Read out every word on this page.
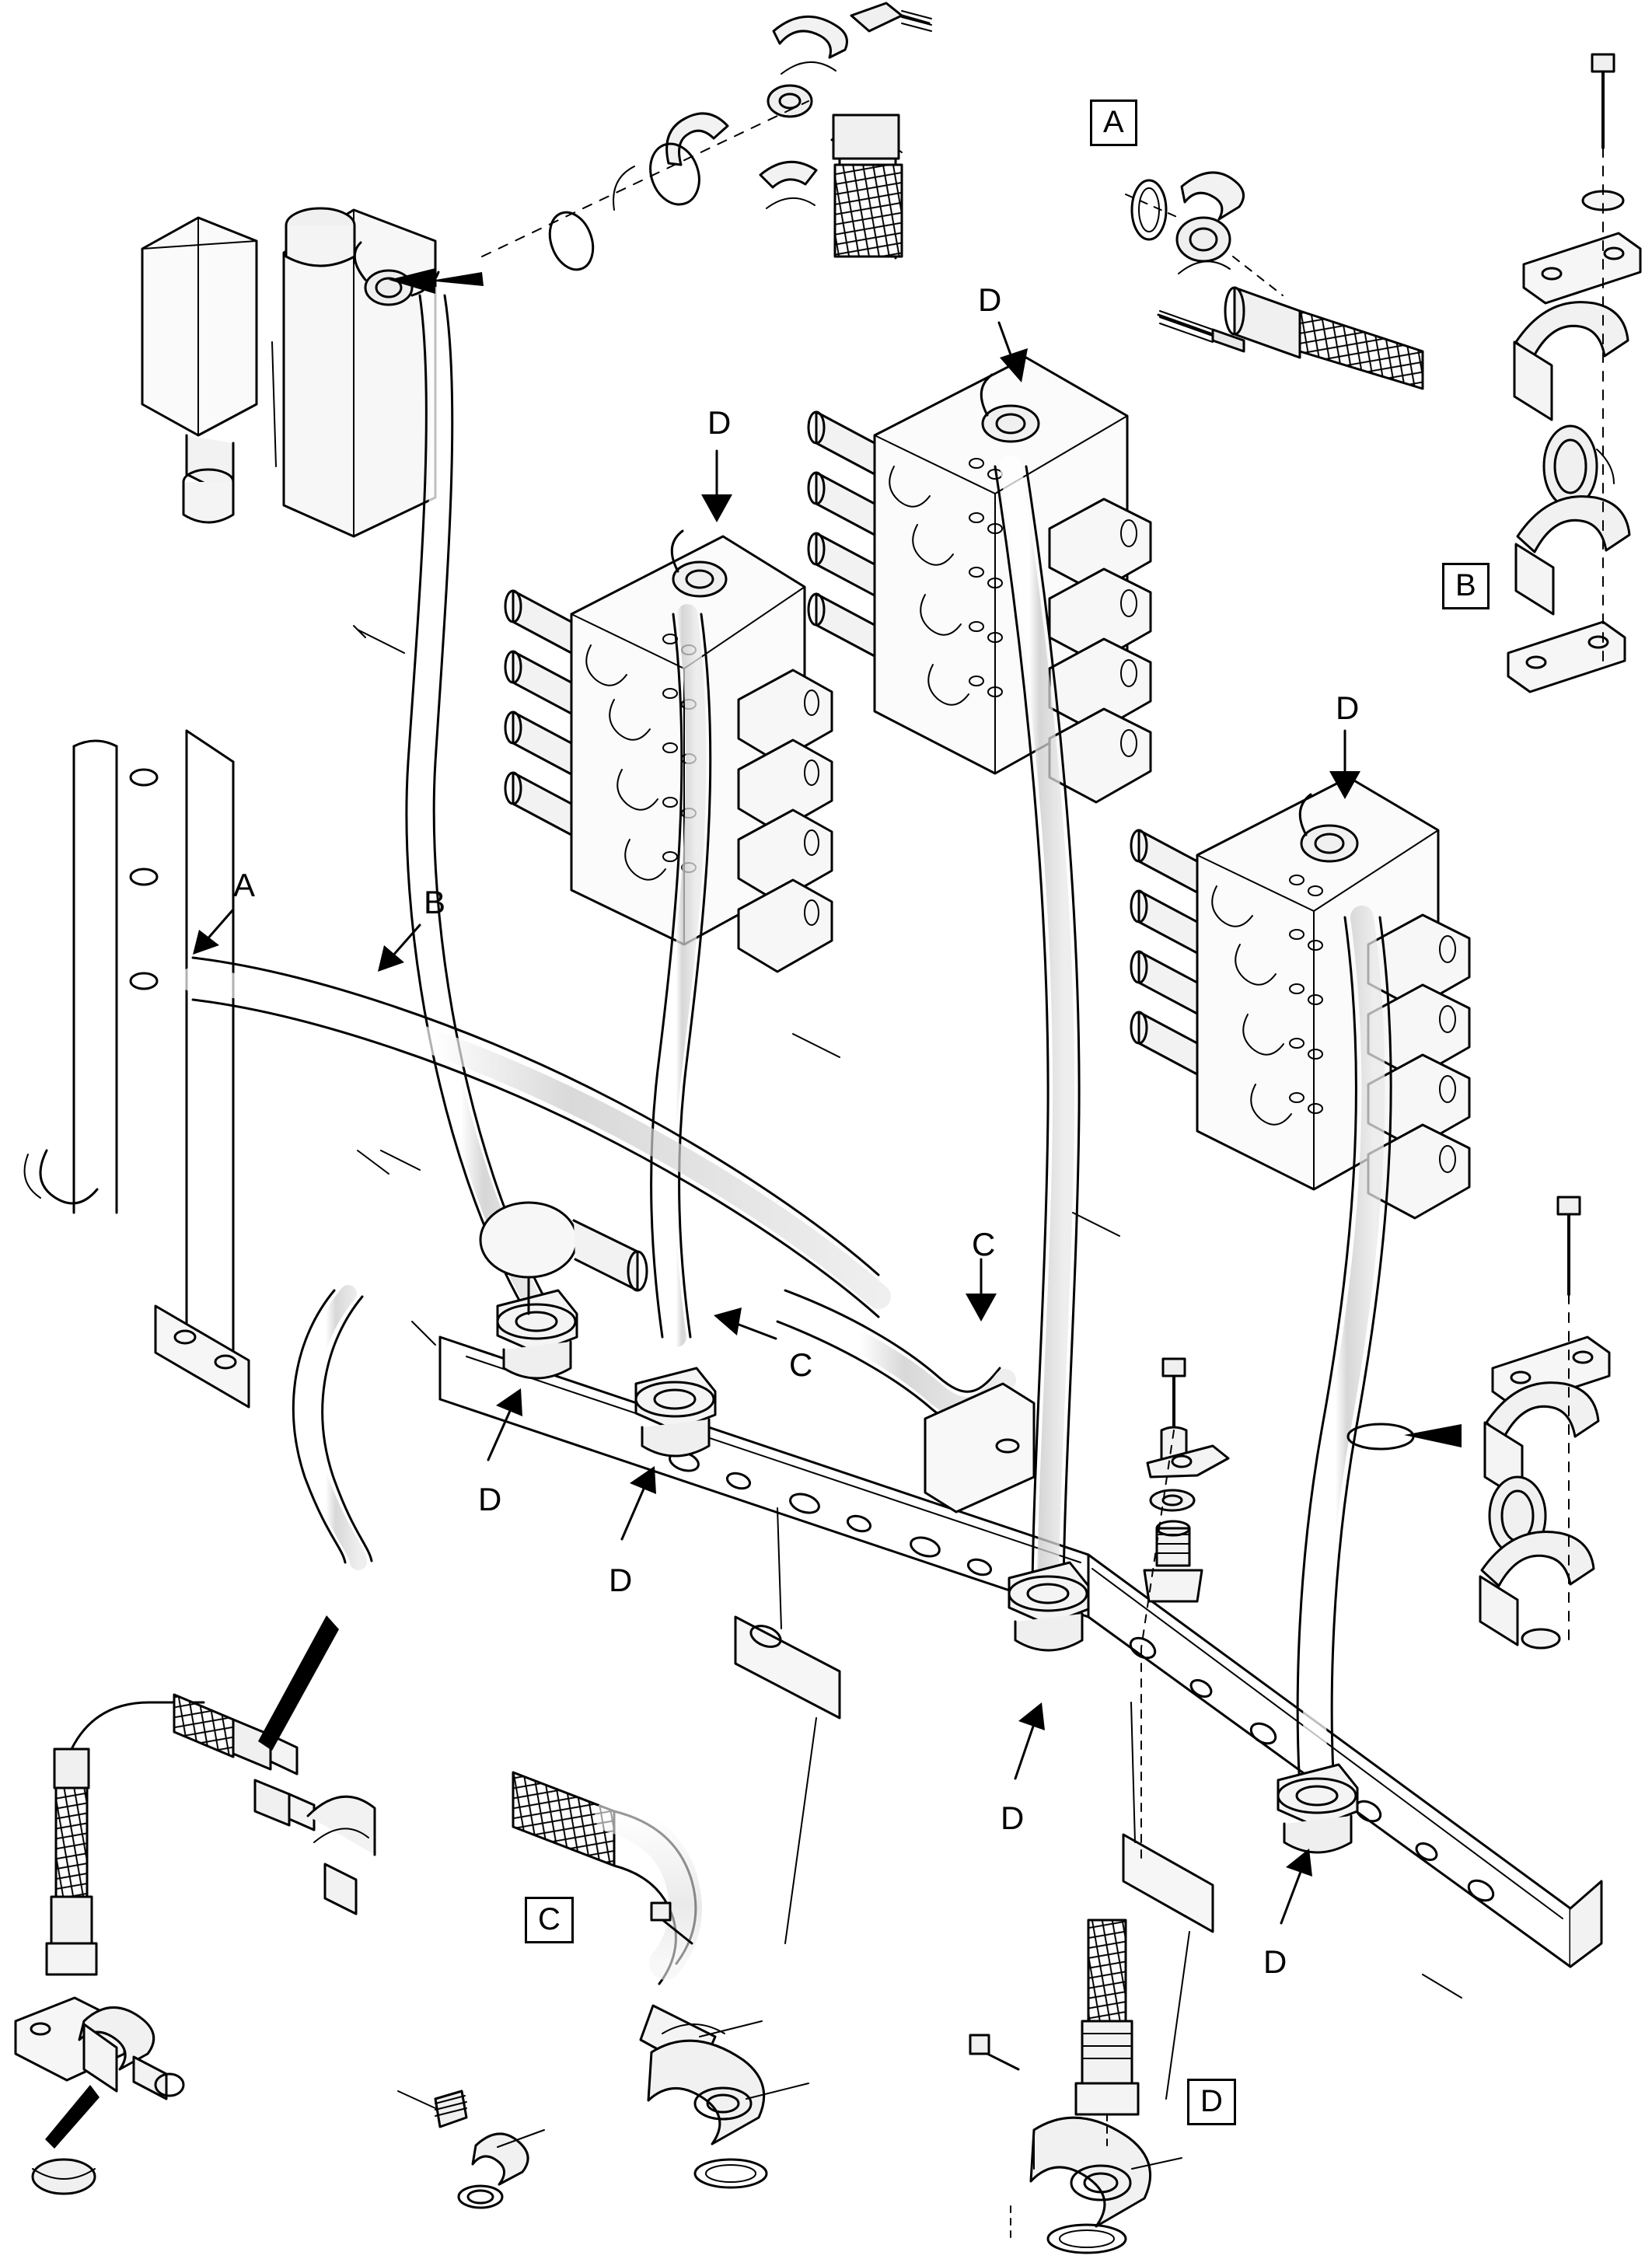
A	B
D
D
D
C
C
D
D
D
D
A
B
C
D
